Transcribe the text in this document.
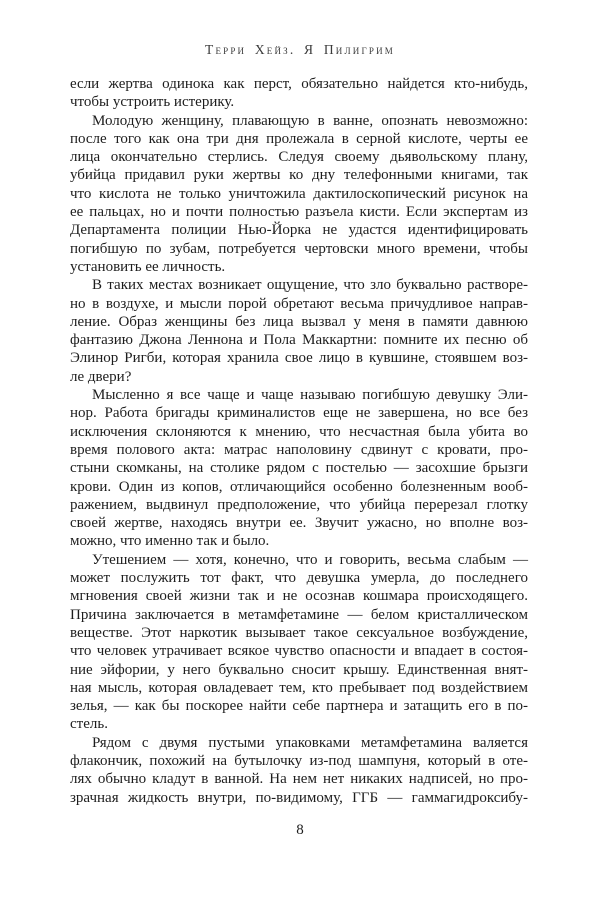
Терри Хейз. Я Пилигрим
если жертва одинока как перст, обязательно найдется кто-нибудь,
чтобы устроить истерику.
Молодую женщину, плавающую в ванне, опознать невозможно:
после того как она три дня пролежала в серной кислоте, черты ее
лица окончательно стерлись. Следуя своему дьявольскому плану,
убийца придавил руки жертвы ко дну телефонными книгами, так
что кислота не только уничтожила дактилоскопический рисунок на
ее пальцах, но и почти полностью разъела кисти. Если экспертам из
Департамента полиции Нью-Йорка не удастся идентифицировать
погибшую по зубам, потребуется чертовски много времени, чтобы
установить ее личность.
В таких местах возникает ощущение, что зло буквально растворе-
но в воздухе, и мысли порой обретают весьма причудливое направ-
ление. Образ женщины без лица вызвал у меня в памяти давнюю
фантазию Джона Леннона и Пола Маккартни: помните их песню об
Элинор Ригби, которая хранила свое лицо в кувшине, стоявшем воз-
ле двери?
Мысленно я все чаще и чаще называю погибшую девушку Эли-
нор. Работа бригады криминалистов еще не завершена, но все без
исключения склоняются к мнению, что несчастная была убита во
время полового акта: матрас наполовину сдвинут с кровати, про-
стыни скомканы, на столике рядом с постелью — засохшие брызги
крови. Один из копов, отличающийся особенно болезненным вооб-
ражением, выдвинул предположение, что убийца перерезал глотку
своей жертве, находясь внутри ее. Звучит ужасно, но вполне воз-
можно, что именно так и было.
Утешением — хотя, конечно, что и говорить, весьма слабым —
может послужить тот факт, что девушка умерла, до последнего
мгновения своей жизни так и не осознав кошмара происходящего.
Причина заключается в метамфетамине — белом кристаллическом
веществе. Этот наркотик вызывает такое сексуальное возбуждение,
что человек утрачивает всякое чувство опасности и впадает в состоя-
ние эйфории, у него буквально сносит крышу. Единственная внят-
ная мысль, которая овладевает тем, кто пребывает под воздействием
зелья, — как бы поскорее найти себе партнера и затащить его в по-
стель.
Рядом с двумя пустыми упаковками метамфетамина валяется
флакончик, похожий на бутылочку из-под шампуня, который в оте-
лях обычно кладут в ванной. На нем нет никаких надписей, но про-
зрачная жидкость внутри, по-видимому, ГГБ — гаммагидроксибу-
8
